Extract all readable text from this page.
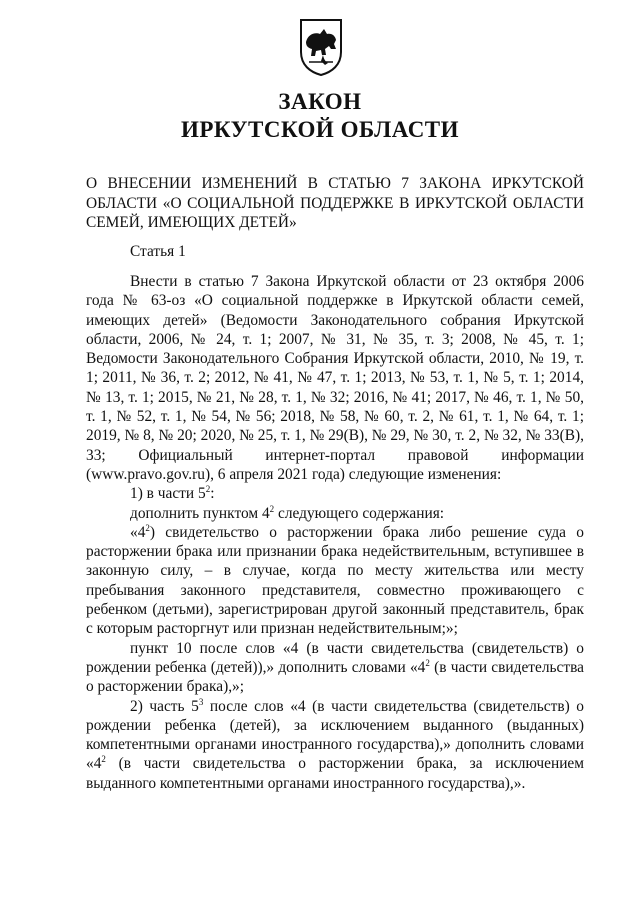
ЗАКОН
ИРКУТСКОЙ ОБЛАСТИ

О ВНЕСЕНИИ ИЗМЕНЕНИЙ В СТАТЬЮ 7 ЗАКОНА ИРКУТСКОЙ ОБЛАСТИ «О СОЦИАЛЬНОЙ ПОДДЕРЖКЕ В ИРКУТСКОЙ ОБЛАСТИ СЕМЕЙ, ИМЕЮЩИХ ДЕТЕЙ»

Статья 1

Внести в статью 7 Закона Иркутской области от 23 октября 2006 года № 63-оз «О социальной поддержке в Иркутской области семей, имеющих детей» (Ведомости Законодательного собрания Иркутской области, 2006, № 24, т. 1; 2007, № 31, № 35, т. 3; 2008, № 45, т. 1; Ведомости Законодательного Собрания Иркутской области, 2010, № 19, т. 1; 2011, № 36, т. 2; 2012, № 41, № 47, т. 1; 2013, № 53, т. 1, № 5, т. 1; 2014, № 13, т. 1; 2015, № 21, № 28, т. 1, № 32; 2016, № 41; 2017, № 46, т. 1, № 50, т. 1, № 52, т. 1, № 54, № 56; 2018, № 58, № 60, т. 2, № 61, т. 1, № 64, т. 1; 2019, № 8, № 20; 2020, № 25, т. 1, № 29(В), № 29, № 30, т. 2, № 32, № 33(В), 33; Официальный интернет-портал правовой информации (www.pravo.gov.ru), 6 апреля 2021 года) следующие изменения:

1) в части $5^2$:

дополнить пунктом $4^2$ следующего содержания:

«$4^2$) свидетельство о расторжении брака либо решение суда о расторжении брака или признании брака недействительным, вступившее в законную силу, – в случае, когда по месту жительства или месту пребывания законного представителя, совместно проживающего с ребенком (детьми), зарегистрирован другой законный представитель, брак с которым расторгнут или признан недействительным;»;

пункт 10 после слов «4 (в части свидетельства (свидетельств) о рождении ребенка (детей)),» дополнить словами «$4^2$ (в части свидетельства о расторжении брака),»;

2) часть $5^3$ после слов «4 (в части свидетельства (свидетельств) о рождении ребенка (детей), за исключением выданного (выданных) компетентными органами иностранного государства),» дополнить словами «$4^2$ (в части свидетельства о расторжении брака, за исключением выданного компетентными органами иностранного государства),».
